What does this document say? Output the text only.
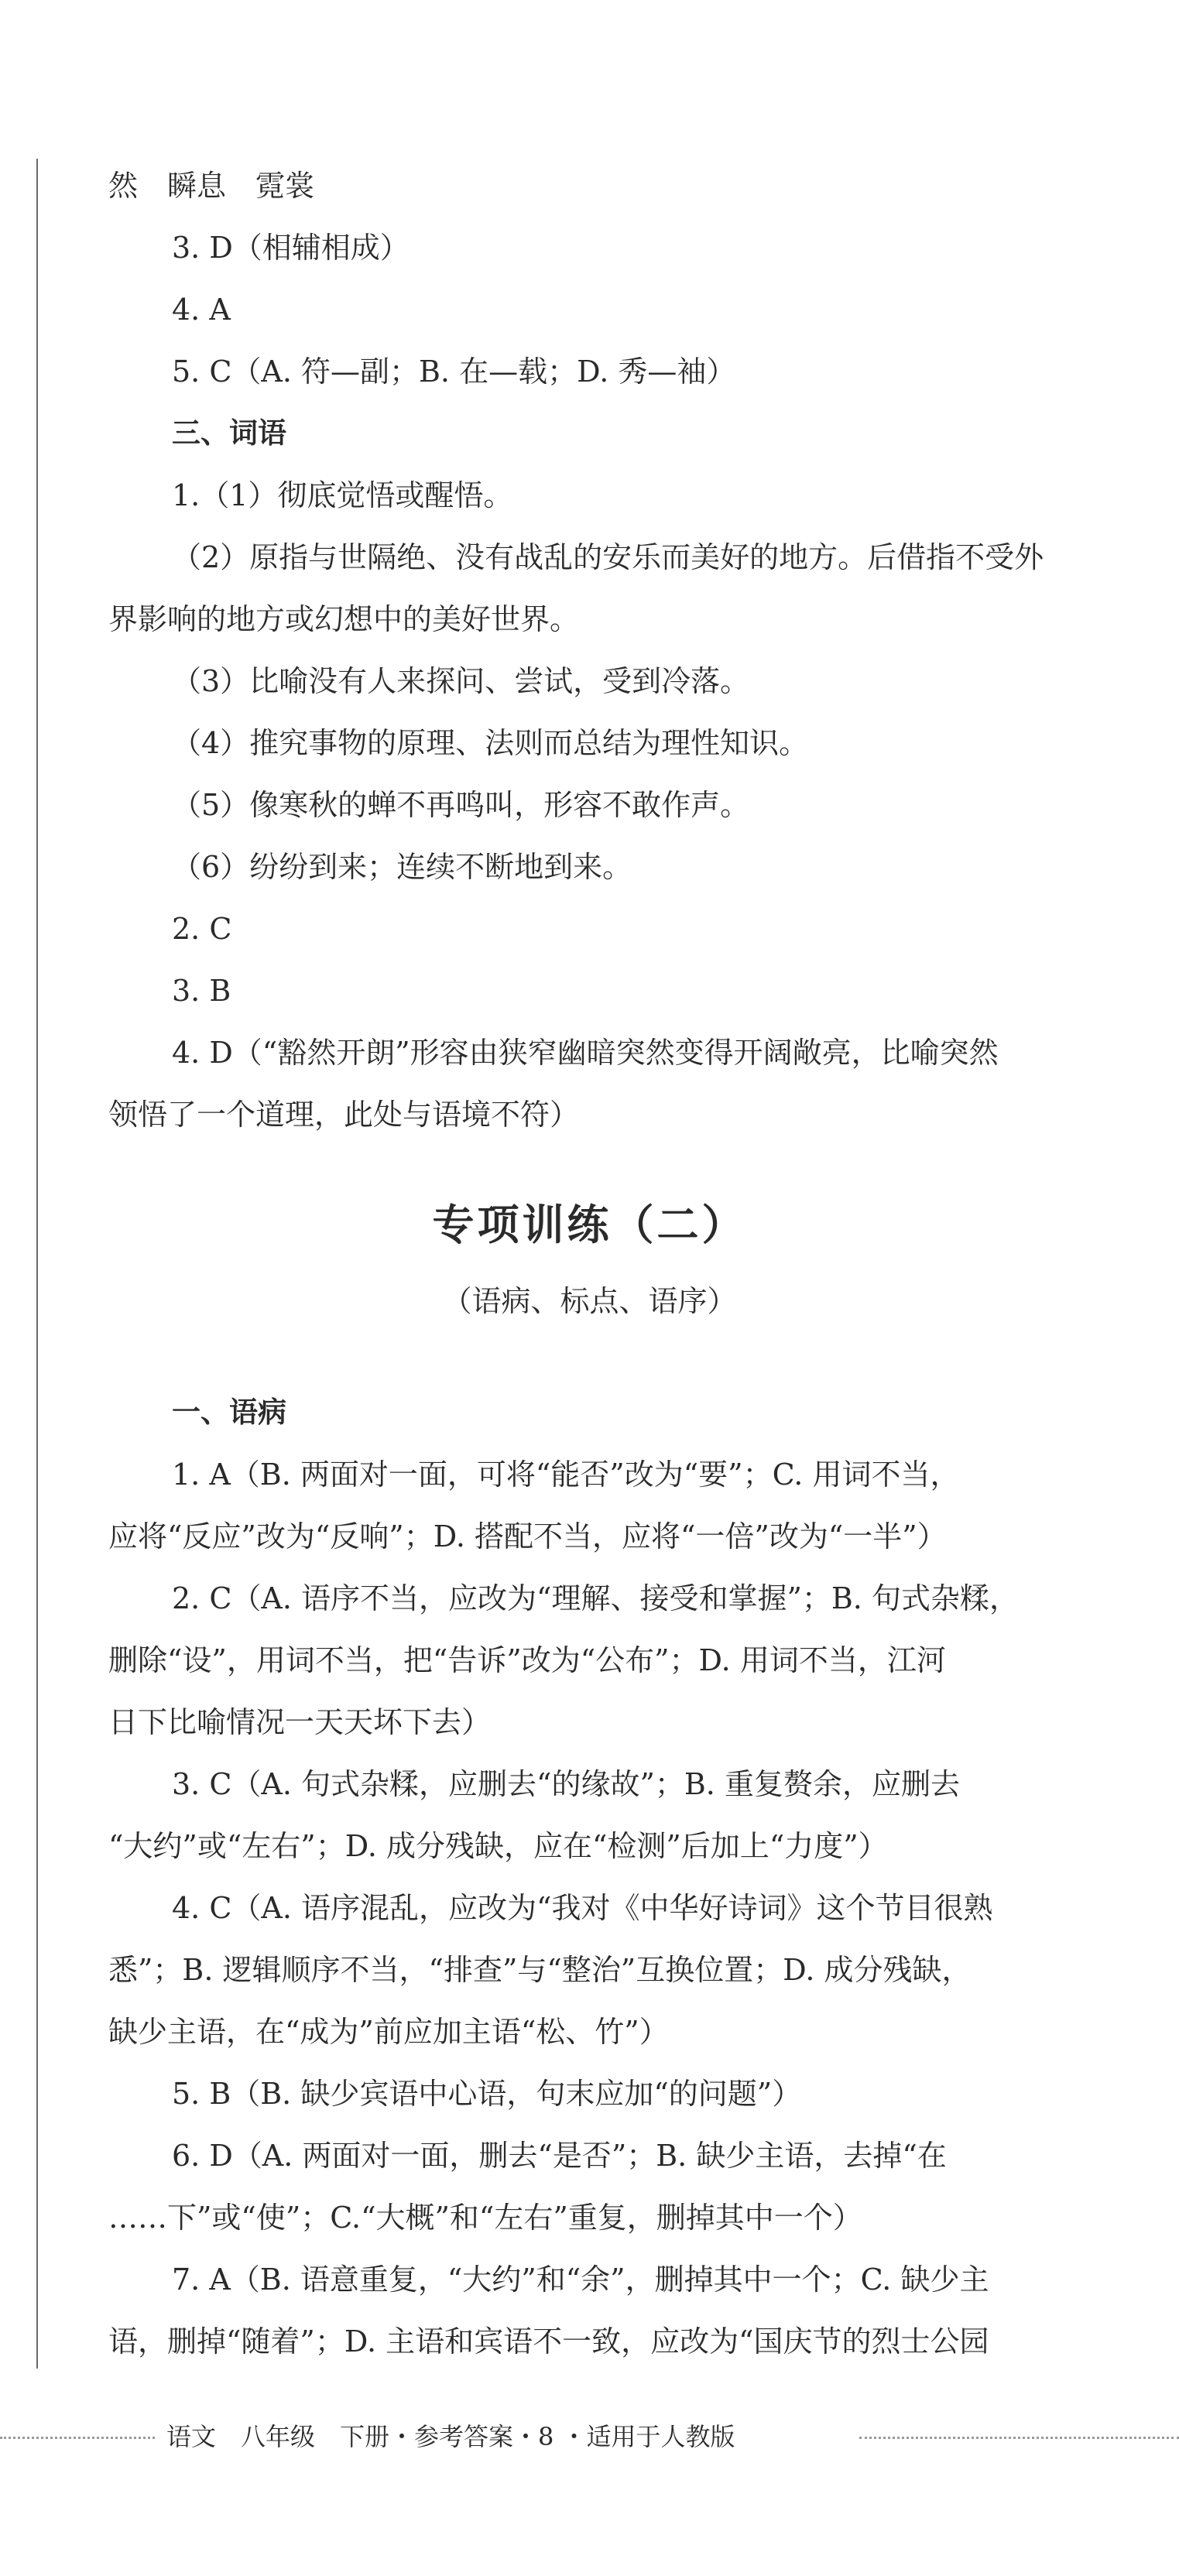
然　瞬息　霓裳
3. D（相辅相成）
4. A
5. C（A. 符—副；B. 在—载；D. 秀—袖）
三、词语
1.（1）彻底觉悟或醒悟。
（2）原指与世隔绝、没有战乱的安乐而美好的地方。后借指不受外
界影响的地方或幻想中的美好世界。
（3）比喻没有人来探问、尝试，受到冷落。
（4）推究事物的原理、法则而总结为理性知识。
（5）像寒秋的蝉不再鸣叫，形容不敢作声。
（6）纷纷到来；连续不断地到来。
2. C
3. B
4. D（“豁然开朗”形容由狭窄幽暗突然变得开阔敞亮，比喻突然
领悟了一个道理，此处与语境不符）
专项训练（二）
（语病、标点、语序）
一、语病
1. A（B. 两面对一面，可将“能否”改为“要”；C. 用词不当，
应将“反应”改为“反响”；D. 搭配不当，应将“一倍”改为“一半”）
2. C（A. 语序不当，应改为“理解、接受和掌握”；B. 句式杂糅，
删除“设”，用词不当，把“告诉”改为“公布”；D. 用词不当，江河
日下比喻情况一天天坏下去）
3. C（A. 句式杂糅，应删去“的缘故”；B. 重复赘余，应删去
“大约”或“左右”；D. 成分残缺，应在“检测”后加上“力度”）
4. C（A. 语序混乱，应改为“我对《中华好诗词》这个节目很熟
悉”；B. 逻辑顺序不当，“排查”与“整治”互换位置；D. 成分残缺，
缺少主语，在“成为”前应加主语“松、竹”）
5. B（B. 缺少宾语中心语，句末应加“的问题”）
6. D（A. 两面对一面，删去“是否”；B. 缺少主语，去掉“在
……下”或“使”；C.“大概”和“左右”重复，删掉其中一个）
7. A（B. 语意重复，“大约”和“余”，删掉其中一个；C. 缺少主
语，删掉“随着”；D. 主语和宾语不一致，应改为“国庆节的烈士公园
语文　八年级　下册・参考答案・8 ・适用于人教版
